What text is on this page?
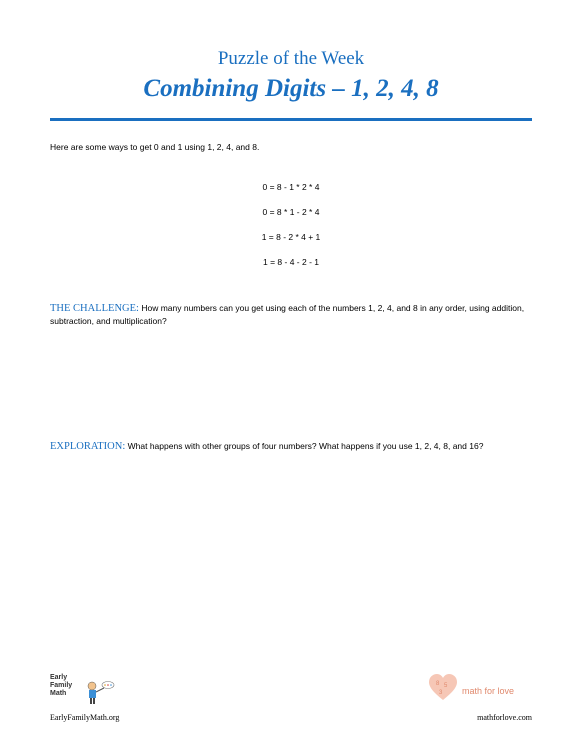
Puzzle of the Week
Combining Digits – 1, 2, 4, 8
Here are some ways to get 0 and 1 using 1, 2, 4, and 8.
0 = 8 - 1 * 2 * 4
0 = 8 * 1 - 2 * 4
1 = 8 - 2 * 4 + 1
1 = 8 - 4 - 2 - 1
THE CHALLENGE: How many numbers can you get using each of the numbers 1, 2, 4, and 8 in any order, using addition, subtraction, and multiplication?
EXPLORATION: What happens with other groups of four numbers? What happens if you use 1, 2, 4, 8, and 16?
Early
Family
Math
EarlyFamilyMath.org
8 5
3 math for love
mathforlove.com
